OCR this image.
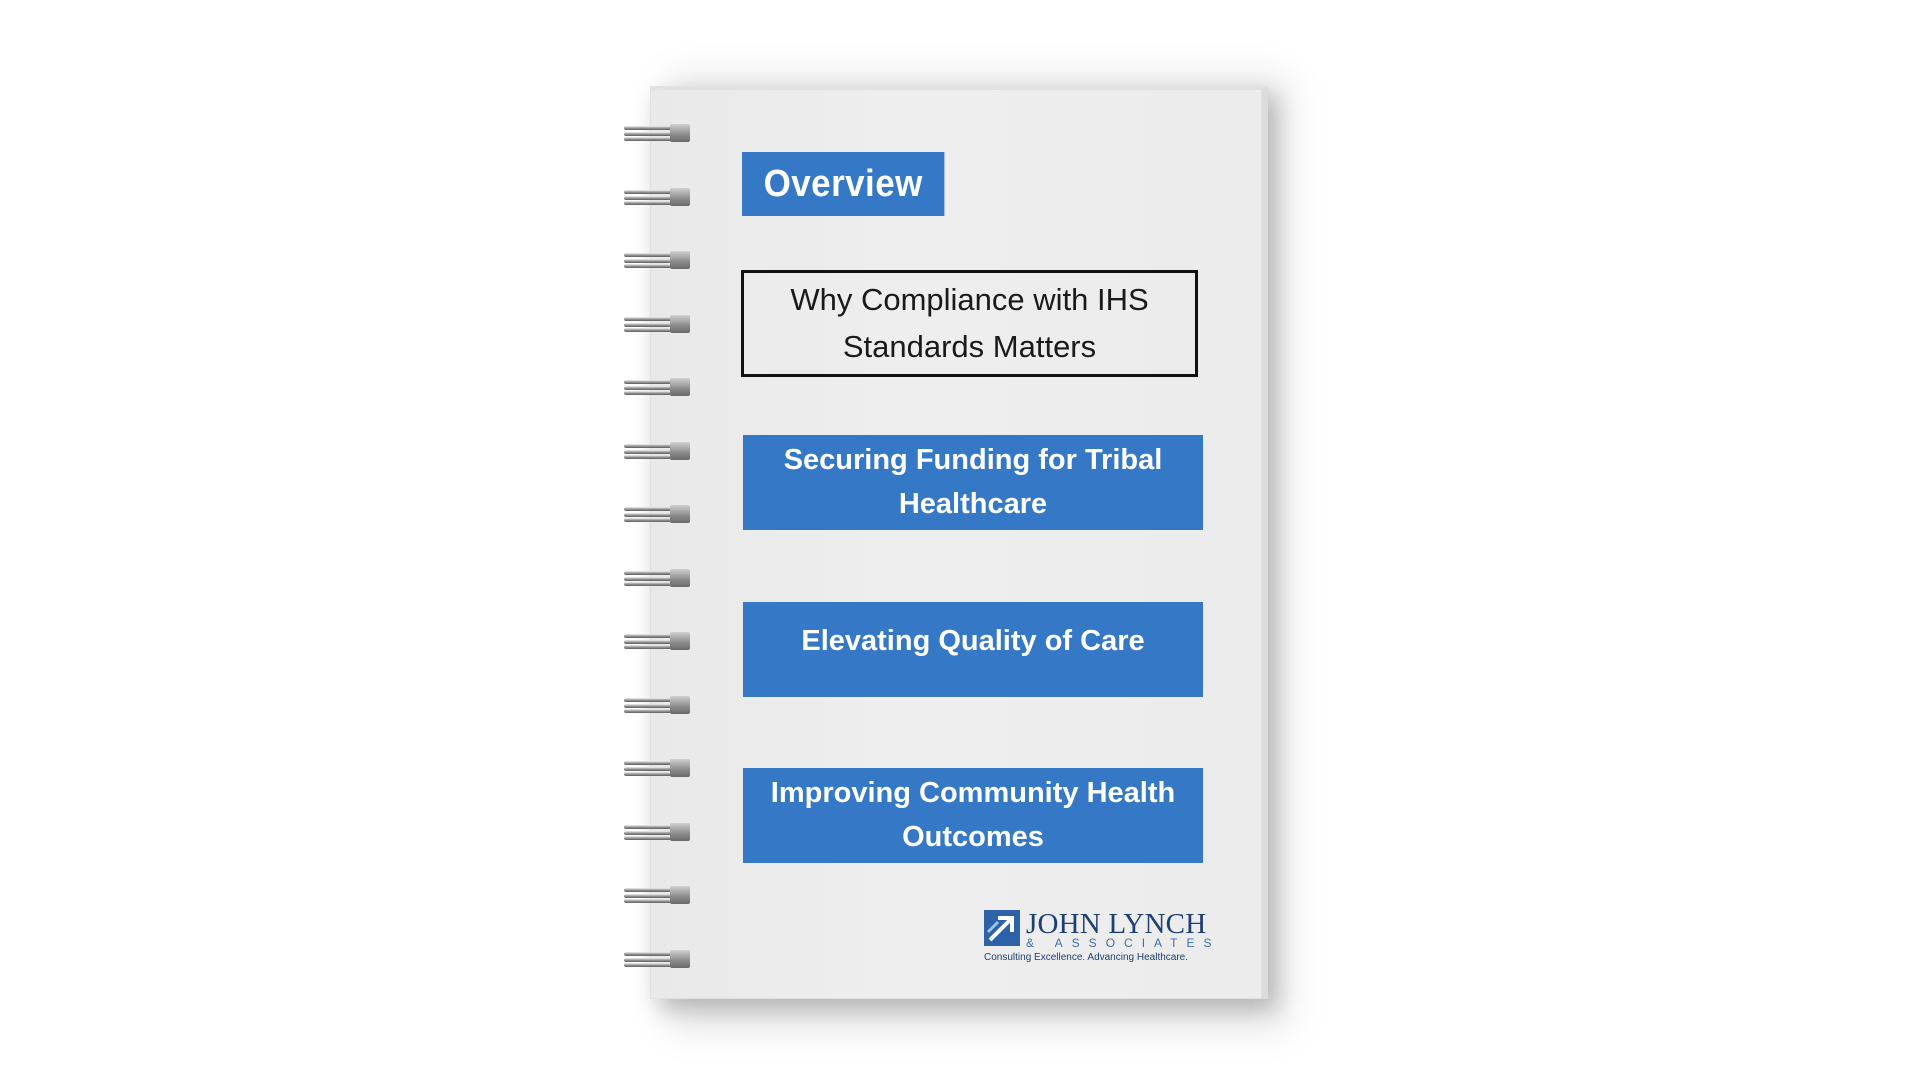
Overview
Why Compliance with IHS Standards Matters
Securing Funding for Tribal Healthcare
Elevating Quality of Care
Improving Community Health Outcomes
JOHN LYNCH
& ASSOCIATES
Consulting Excellence. Advancing Healthcare.
